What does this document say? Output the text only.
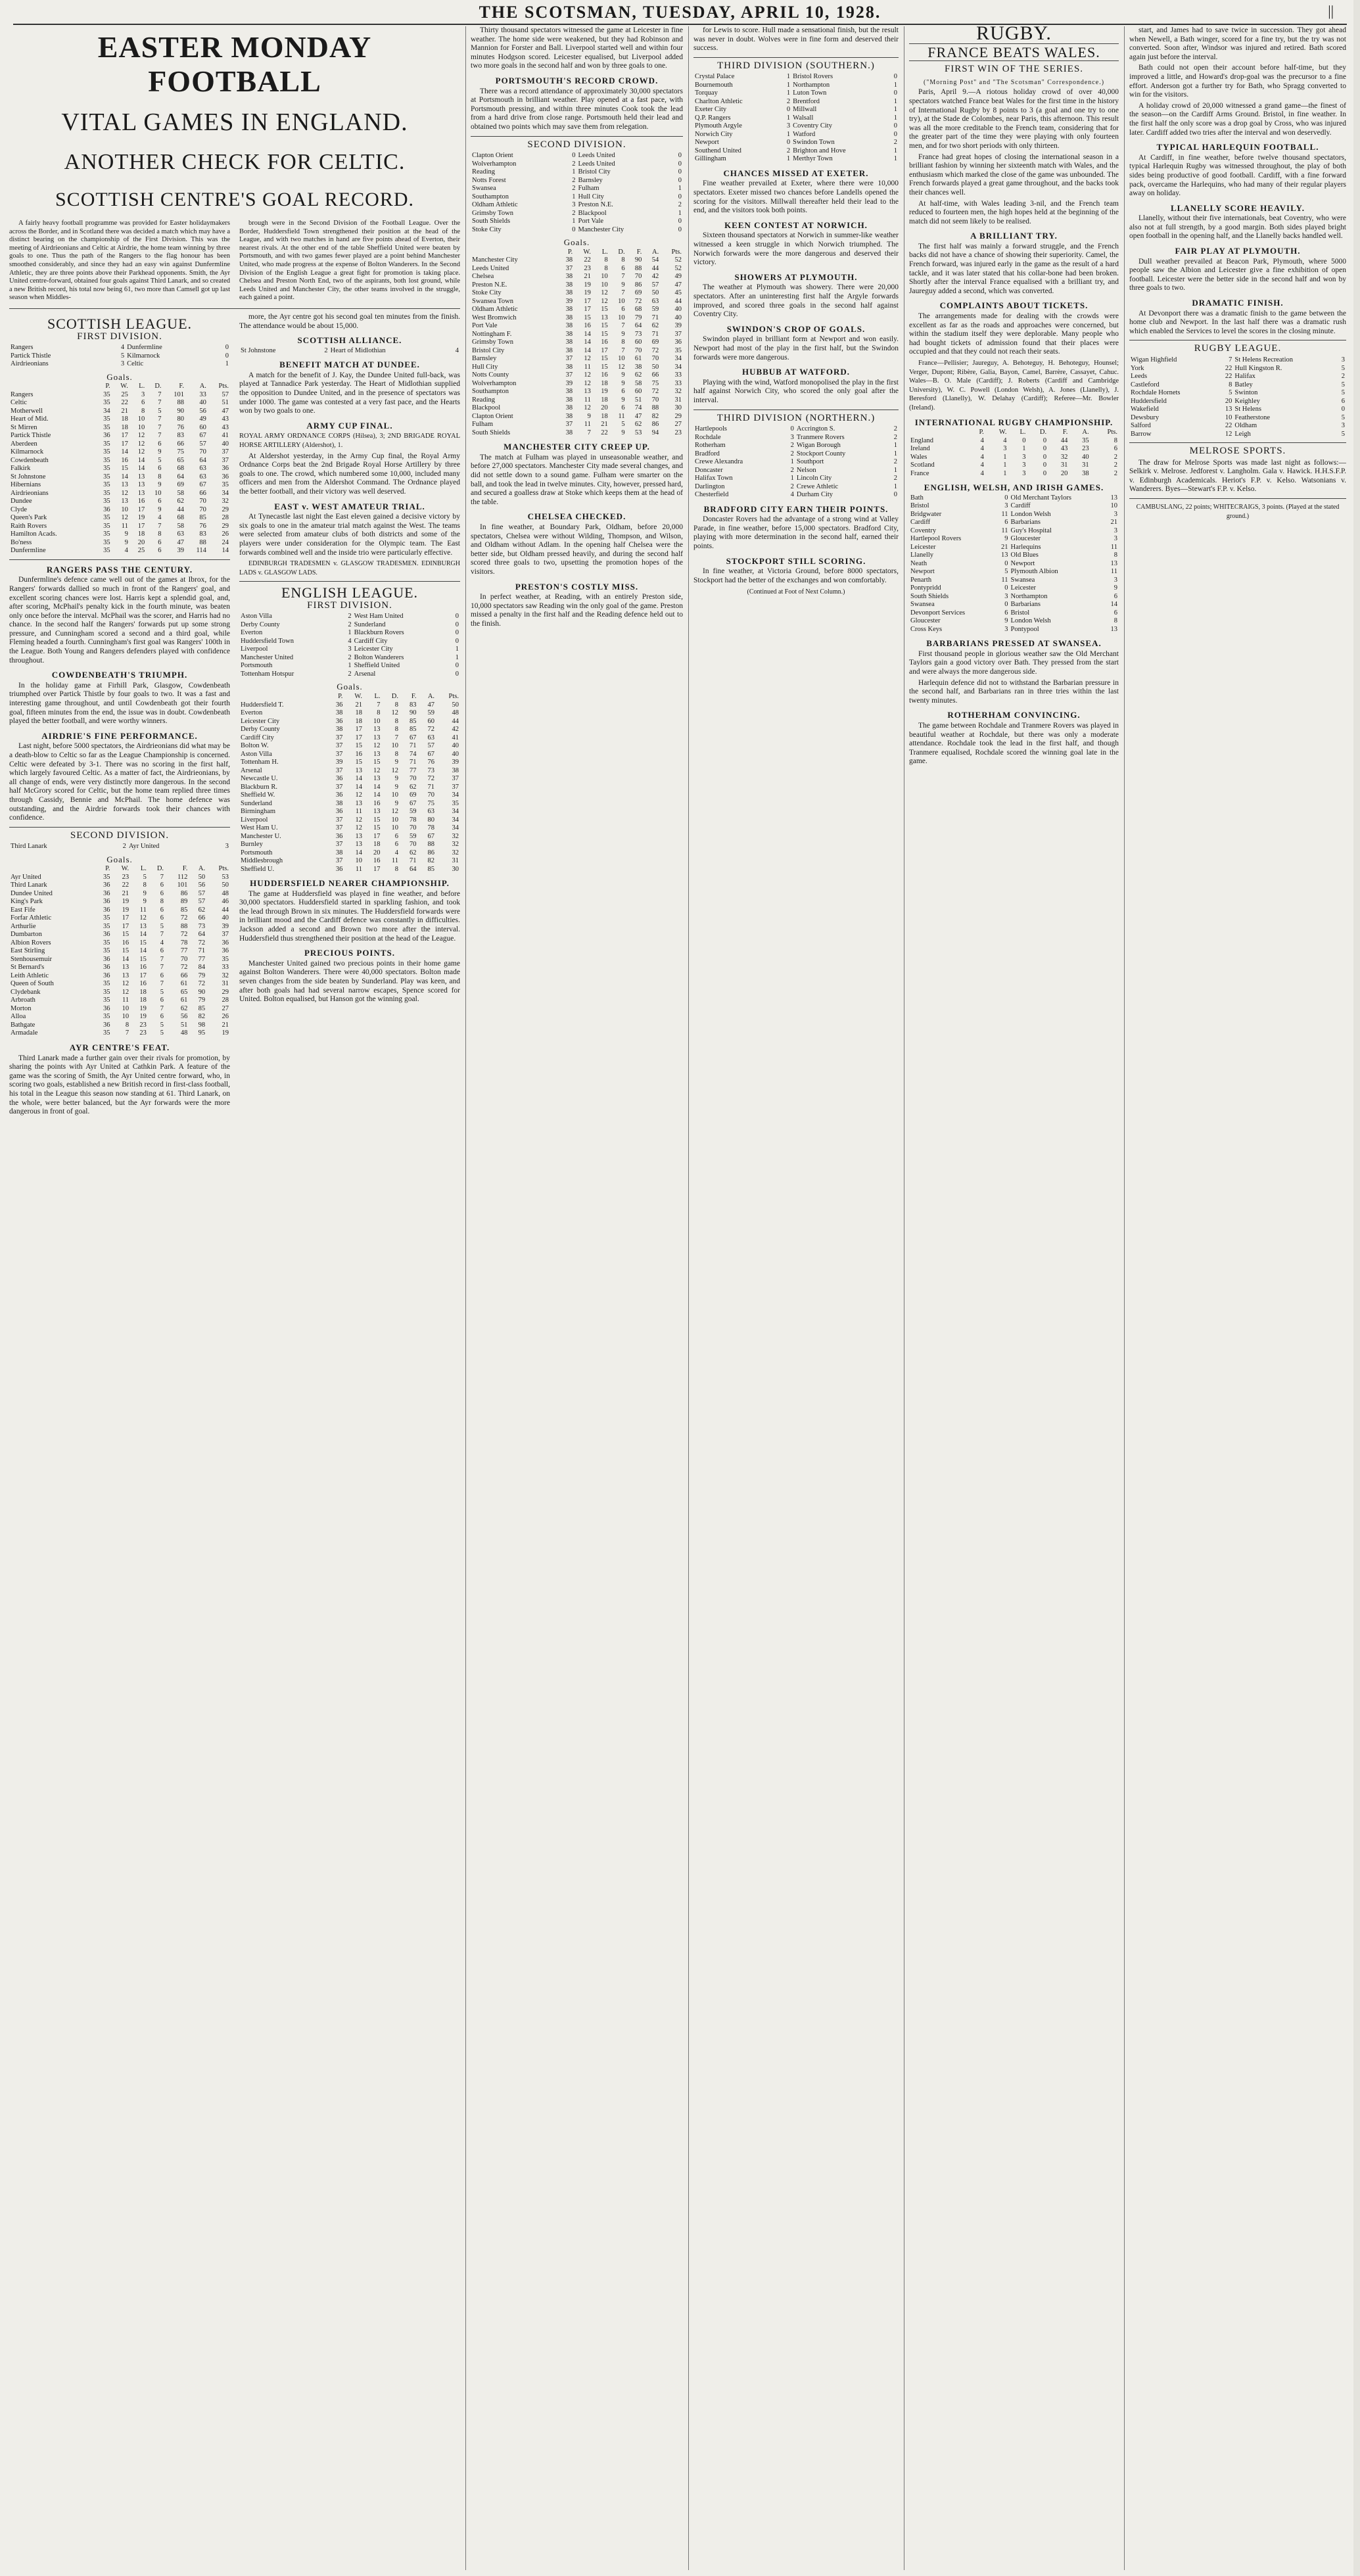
THE SCOTSMAN, TUESDAY, APRIL 10, 1928.	||
EASTER MONDAY FOOTBALL
VITAL GAMES IN ENGLAND.
ANOTHER CHECK FOR CELTIC.
SCOTTISH CENTRE'S GOAL RECORD.

A fairly heavy football programme was provided for Easter holidaymakers across the Border, and in Scotland there was decided a match which may have a distinct bearing on the championship of the First Division. This was the meeting of Airdrieonians and Celtic at Airdrie, the home team winning by three goals to one. Thus the path of the Rangers to the flag honour has been smoothed considerably, and since they had an easy win against Dunfermline Athletic, they are three points above their Parkhead opponents. Smith, the Ayr United centre-forward, obtained four goals against Third Lanark, and so created a new British record, his total now being 61, two more than Camsell got up last season when Middles-

brough were in the Second Division of the Football League. Over the Border, Huddersfield Town strengthened their position at the head of the League, and with two matches in hand are five points ahead of Everton, their nearest rivals. At the other end of the table Sheffield United were beaten by Portsmouth, and with two games fewer played are a point behind Manchester United, who made progress at the expense of Bolton Wanderers. In the Second Division of the English League a great fight for promotion is taking place. Chelsea and Preston North End, two of the aspirants, both lost ground, while Leeds United and Manchester City, the other teams involved in the struggle, each gained a point.

SCOTTISH LEAGUE.
FIRST DIVISION.
Rangers	4	Dunfermline	0
Partick Thistle	5	Kilmarnock	0
Airdrieonians	3	Celtic	1
Goals.
	P.	W.	L.	D.	F.	A.	Pts.
Rangers	35	25	3	7	101	33	57
Celtic	35	22	6	7	88	40	51
Motherwell	34	21	8	5	90	56	47
Heart of Mid.	35	18	10	7	80	49	43
St Mirren	35	18	10	7	76	60	43
Partick Thistle	36	17	12	7	83	67	41
Aberdeen	35	17	12	6	66	57	40
Kilmarnock	35	14	12	9	75	70	37
Cowdenbeath	35	16	14	5	65	64	37
Falkirk	35	15	14	6	68	63	36
St Johnstone	35	14	13	8	64	63	36
Hibernians	35	13	13	9	69	67	35
Airdrieonians	35	12	13	10	58	66	34
Dundee	35	13	16	6	62	70	32
Clyde	36	10	17	9	44	70	29
Queen's Park	35	12	19	4	68	85	28
Raith Rovers	35	11	17	7	58	76	29
Hamilton Acads.	35	9	18	8	63	83	26
Bo'ness	35	9	20	6	47	88	24
Dunfermline	35	4	25	6	39	114	14
RANGERS PASS THE CENTURY.

Dunfermline's defence came well out of the games at Ibrox, for the Rangers' forwards dallied so much in front of the Rangers' goal, and excellent scoring chances were lost. Harris kept a splendid goal, and, after scoring, McPhail's penalty kick in the fourth minute, was beaten only once before the interval. McPhail was the scorer, and Harris had no chance. In the second half the Rangers' forwards put up some strong pressure, and Cunningham scored a second and a third goal, while Fleming headed a fourth. Cunningham's first goal was Rangers' 100th in the League. Both Young and Rangers defenders played with confidence throughout.

COWDENBEATH'S TRIUMPH.

In the holiday game at Firhill Park, Glasgow, Cowdenbeath triumphed over Partick Thistle by four goals to two. It was a fast and interesting game throughout, and until Cowdenbeath got their fourth goal, fifteen minutes from the end, the issue was in doubt. Cowdenbeath played the better football, and were worthy winners.

AIRDRIE'S FINE PERFORMANCE.

Last night, before 5000 spectators, the Airdrieonians did what may be a death-blow to Celtic so far as the League Championship is concerned. Celtic were defeated by 3-1. There was no scoring in the first half, which largely favoured Celtic. As a matter of fact, the Airdrieonians, by all change of ends, were very distinctly more dangerous. In the second half McGrory scored for Celtic, but the home team replied three times through Cassidy, Bennie and McPhail. The home defence was outstanding, and the Airdrie forwards took their chances with confidence.

SECOND DIVISION.
Third Lanark	2	Ayr United	3
Goals.
	P.	W.	L.	D.	F.	A.	Pts.
Ayr United	35	23	5	7	112	50	53
Third Lanark	36	22	8	6	101	56	50
Dundee United	36	21	9	6	86	57	48
King's Park	36	19	9	8	89	57	46
East Fife	36	19	11	6	85	62	44
Forfar Athletic	35	17	12	6	72	66	40
Arthurlie	35	17	13	5	88	73	39
Dumbarton	36	15	14	7	72	64	37
Albion Rovers	35	16	15	4	78	72	36
East Stirling	35	15	14	6	77	71	36
Stenhousemuir	36	14	15	7	70	77	35
St Bernard's	36	13	16	7	72	84	33
Leith Athletic	36	13	17	6	66	79	32
Queen of South	35	12	16	7	61	72	31
Clydebank	35	12	18	5	65	90	29
Arbroath	35	11	18	6	61	79	28
Morton	36	10	19	7	62	85	27
Alloa	35	10	19	6	56	82	26
Bathgate	36	8	23	5	51	98	21
Armadale	35	7	23	5	48	95	19
AYR CENTRE'S FEAT.

Third Lanark made a further gain over their rivals for promotion, by sharing the points with Ayr United at Cathkin Park. A feature of the game was the scoring of Smith, the Ayr United centre forward, who, in scoring two goals, established a new British record in first-class football, his total in the League this season now standing at 61. Third Lanark, on the whole, were better balanced, but the Ayr forwards were the more dangerous in front of goal.

more, the Ayr centre got his second goal ten minutes from the finish. The attendance would be about 15,000.

SCOTTISH ALLIANCE.
St Johnstone	2	Heart of Midlothian	4
BENEFIT MATCH AT DUNDEE.

A match for the benefit of J. Kay, the Dundee United full-back, was played at Tannadice Park yesterday. The Heart of Midlothian supplied the opposition to Dundee United, and in the presence of spectators was under 1000. The game was contested at a very fast pace, and the Hearts won by two goals to one.

ARMY CUP FINAL.

ROYAL ARMY ORDNANCE CORPS (Hilsea), 3; 2ND BRIGADE ROYAL HORSE ARTILLERY (Aldershot), 1.

At Aldershot yesterday, in the Army Cup final, the Royal Army Ordnance Corps beat the 2nd Brigade Royal Horse Artillery by three goals to one. The crowd, which numbered some 10,000, included many officers and men from the Aldershot Command. The Ordnance played the better football, and their victory was well deserved.

EAST v. WEST AMATEUR TRIAL.

At Tynecastle last night the East eleven gained a decisive victory by six goals to one in the amateur trial match against the West. The teams were selected from amateur clubs of both districts and some of the players were under consideration for the Olympic team. The East forwards combined well and the inside trio were particularly effective.

EDINBURGH TRADESMEN v. GLASGOW TRADESMEN. EDINBURGH LADS v. GLASGOW LADS.

ENGLISH LEAGUE.
FIRST DIVISION.
Aston Villa	2	West Ham United	0
Derby County	2	Sunderland	0
Everton	1	Blackburn Rovers	0
Huddersfield Town	4	Cardiff City	0
Liverpool	3	Leicester City	1
Manchester United	2	Bolton Wanderers	1
Portsmouth	1	Sheffield United	0
Tottenham Hotspur	2	Arsenal	0
Goals.
	P.	W.	L.	D.	F.	A.	Pts.
Huddersfield T.	36	21	7	8	83	47	50
Everton	38	18	8	12	90	59	48
Leicester City	36	18	10	8	85	60	44
Derby County	38	17	13	8	85	72	42
Cardiff City	37	17	13	7	67	63	41
Bolton W.	37	15	12	10	71	57	40
Aston Villa	37	16	13	8	74	67	40
Tottenham H.	39	15	15	9	71	76	39
Arsenal	37	13	12	12	77	73	38
Newcastle U.	36	14	13	9	70	72	37
Blackburn R.	37	14	14	9	62	71	37
Sheffield W.	36	12	14	10	69	70	34
Sunderland	38	13	16	9	67	75	35
Birmingham	36	11	13	12	59	63	34
Liverpool	37	12	15	10	78	80	34
West Ham U.	37	12	15	10	70	78	34
Manchester U.	36	13	17	6	59	67	32
Burnley	37	13	18	6	70	88	32
Portsmouth	38	14	20	4	62	86	32
Middlesbrough	37	10	16	11	71	82	31
Sheffield U.	36	11	17	8	64	85	30
HUDDERSFIELD NEARER CHAMPIONSHIP.

The game at Huddersfield was played in fine weather, and before 30,000 spectators. Huddersfield started in sparkling fashion, and took the lead through Brown in six minutes. The Huddersfield forwards were in brilliant mood and the Cardiff defence was constantly in difficulties. Jackson added a second and Brown two more after the interval. Huddersfield thus strengthened their position at the head of the League.

PRECIOUS POINTS.

Manchester United gained two precious points in their home game against Bolton Wanderers. There were 40,000 spectators. Bolton made seven changes from the side beaten by Sunderland. Play was keen, and after both goals had had several narrow escapes, Spence scored for United. Bolton equalised, but Hanson got the winning goal.

Thirty thousand spectators witnessed the game at Leicester in fine weather. The home side were weakened, but they had Robinson and Mannion for Forster and Ball. Liverpool started well and within four minutes Hodgson scored. Leicester equalised, but Liverpool added two more goals in the second half and won by three goals to one.

PORTSMOUTH'S RECORD CROWD.

There was a record attendance of approximately 30,000 spectators at Portsmouth in brilliant weather. Play opened at a fast pace, with Portsmouth pressing, and within three minutes Cook took the lead from a hard drive from close range. Portsmouth held their lead and obtained two points which may save them from relegation.

SECOND DIVISION.
Clapton Orient	0	Leeds United	0
Wolverhampton	2	Leeds United	0
Reading	1	Bristol City	0
Notts Forest	2	Barnsley	0
Swansea	2	Fulham	1
Southampton	1	Hull City	0
Oldham Athletic	3	Preston N.E.	2
Grimsby Town	2	Blackpool	1
South Shields	1	Port Vale	0
Stoke City	0	Manchester City	0
Goals.
	P.	W.	L.	D.	F.	A.	Pts.
Manchester City	38	22	8	8	90	54	52
Leeds United	37	23	8	6	88	44	52
Chelsea	38	21	10	7	70	42	49
Preston N.E.	38	19	10	9	86	57	47
Stoke City	38	19	12	7	69	50	45
Swansea Town	39	17	12	10	72	63	44
Oldham Athletic	38	17	15	6	68	59	40
West Bromwich	38	15	13	10	79	71	40
Port Vale	38	16	15	7	64	62	39
Nottingham F.	38	14	15	9	73	71	37
Grimsby Town	38	14	16	8	60	69	36
Bristol City	38	14	17	7	70	72	35
Barnsley	37	12	15	10	61	70	34
Hull City	38	11	15	12	38	50	34
Notts County	37	12	16	9	62	66	33
Wolverhampton	39	12	18	9	58	75	33
Southampton	38	13	19	6	60	72	32
Reading	38	11	18	9	51	70	31
Blackpool	38	12	20	6	74	88	30
Clapton Orient	38	9	18	11	47	82	29
Fulham	37	11	21	5	62	86	27
South Shields	38	7	22	9	53	94	23
MANCHESTER CITY CREEP UP.

The match at Fulham was played in unseasonable weather, and before 27,000 spectators. Manchester City made several changes, and did not settle down to a sound game. Fulham were smarter on the ball, and took the lead in twelve minutes. City, however, pressed hard, and secured a goalless draw at Stoke which keeps them at the head of the table.

CHELSEA CHECKED.

In fine weather, at Boundary Park, Oldham, before 20,000 spectators, Chelsea were without Wilding, Thompson, and Wilson, and Oldham without Adlam. In the opening half Chelsea were the better side, but Oldham pressed heavily, and during the second half scored three goals to two, upsetting the promotion hopes of the visitors.

PRESTON'S COSTLY MISS.

In perfect weather, at Reading, with an entirely Preston side, 10,000 spectators saw Reading win the only goal of the game. Preston missed a penalty in the first half and the Reading defence held out to the finish.

for Lewis to score. Hull made a sensational finish, but the result was never in doubt. Wolves were in fine form and deserved their success.

THIRD DIVISION (SOUTHERN.)
Crystal Palace	1	Bristol Rovers	0
Bournemouth	1	Northampton	1
Torquay	1	Luton Town	0
Charlton Athletic	2	Brentford	1
Exeter City	0	Millwall	1
Q.P. Rangers	1	Walsall	1
Plymouth Argyle	3	Coventry City	0
Norwich City	1	Watford	0
Newport	0	Swindon Town	2
Southend United	2	Brighton and Hove	1
Gillingham	1	Merthyr Town	1
CHANCES MISSED AT EXETER.

Fine weather prevailed at Exeter, where there were 10,000 spectators. Exeter missed two chances before Landells opened the scoring for the visitors. Millwall thereafter held their lead to the end, and the visitors took both points.

KEEN CONTEST AT NORWICH.

Sixteen thousand spectators at Norwich in summer-like weather witnessed a keen struggle in which Norwich triumphed. The Norwich forwards were the more dangerous and deserved their victory.

SHOWERS AT PLYMOUTH.

The weather at Plymouth was showery. There were 20,000 spectators. After an uninteresting first half the Argyle forwards improved, and scored three goals in the second half against Coventry City.

SWINDON'S CROP OF GOALS.

Swindon played in brilliant form at Newport and won easily. Newport had most of the play in the first half, but the Swindon forwards were more dangerous.

HUBBUB AT WATFORD.

Playing with the wind, Watford monopolised the play in the first half against Norwich City, who scored the only goal after the interval.

THIRD DIVISION (NORTHERN.)
Hartlepools	0	Accrington S.	2
Rochdale	3	Tranmere Rovers	2
Rotherham	2	Wigan Borough	1
Bradford	2	Stockport County	1
Crewe Alexandra	1	Southport	2
Doncaster	2	Nelson	1
Halifax Town	1	Lincoln City	2
Darlington	2	Crewe Athletic	1
Chesterfield	4	Durham City	0
BRADFORD CITY EARN THEIR POINTS.

Doncaster Rovers had the advantage of a strong wind at Valley Parade, in fine weather, before 15,000 spectators. Bradford City, playing with more determination in the second half, earned their points.

STOCKPORT STILL SCORING.

In fine weather, at Victoria Ground, before 8000 spectators, Stockport had the better of the exchanges and won comfortably.

(Continued at Foot of Next Column.)
RUGBY.
FRANCE BEATS WALES.
FIRST WIN OF THE SERIES.
("Morning Post" and "The Scotsman" Correspondence.)

Paris, April 9.—A riotous holiday crowd of over 40,000 spectators watched France beat Wales for the first time in the history of International Rugby by 8 points to 3 (a goal and one try to one try), at the Stade de Colombes, near Paris, this afternoon. This result was all the more creditable to the French team, considering that for the greater part of the time they were playing with only fourteen men, and for two short periods with only thirteen.

France had great hopes of closing the international season in a brilliant fashion by winning her sixteenth match with Wales, and the enthusiasm which marked the close of the game was unbounded. The French forwards played a great game throughout, and the backs took their chances well.

At half-time, with Wales leading 3-nil, and the French team reduced to fourteen men, the high hopes held at the beginning of the match did not seem likely to be realised.

A BRILLIANT TRY.

The first half was mainly a forward struggle, and the French backs did not have a chance of showing their superiority. Camel, the French forward, was injured early in the game as the result of a hard tackle, and it was later stated that his collar-bone had been broken. Shortly after the interval France equalised with a brilliant try, and Jaureguy added a second, which was converted.

COMPLAINTS ABOUT TICKETS.

The arrangements made for dealing with the crowds were excellent as far as the roads and approaches were concerned, but within the stadium itself they were deplorable. Many people who had bought tickets of admission found that their places were occupied and that they could not reach their seats.

France—Pellisier; Jaureguy, A. Behoteguy, H. Behoteguy, Hounsel; Verger, Dupont; Ribère, Galia, Bayon, Camel, Barrère, Cassayet, Cahuc. Wales—B. O. Male (Cardiff); J. Roberts (Cardiff and Cambridge University), W. C. Powell (London Welsh), A. Jones (Llanelly), J. Beresford (Llanelly), W. Delahay (Cardiff); Referee—Mr. Bowler (Ireland).

INTERNATIONAL RUGBY CHAMPIONSHIP.
	P.	W.	L.	D.	F.	A.	Pts.
England	4	4	0	0	44	35	8
Ireland	4	3	1	0	43	23	6
Wales	4	1	3	0	32	40	2
Scotland	4	1	3	0	31	31	2
France	4	1	3	0	20	38	2
ENGLISH, WELSH, AND IRISH GAMES.
Bath	0	Old Merchant Taylors	13
Bristol	3	Cardiff	10
Bridgwater	11	London Welsh	3
Cardiff	6	Barbarians	21
Coventry	11	Guy's Hospital	3
Hartlepool Rovers	9	Gloucester	3
Leicester	21	Harlequins	11
Llanelly	13	Old Blues	8
Neath	0	Newport	13
Newport	5	Plymouth Albion	11
Penarth	11	Swansea	3
Pontypridd	0	Leicester	9
South Shields	3	Northampton	6
Swansea	0	Barbarians	14
Devonport Services	6	Bristol	6
Gloucester	9	London Welsh	8
Cross Keys	3	Pontypool	13
BARBARIANS PRESSED AT SWANSEA.

First thousand people in glorious weather saw the Old Merchant Taylors gain a good victory over Bath. They pressed from the start and were always the more dangerous side.

Harlequin defence did not to withstand the Barbarian pressure in the second half, and Barbarians ran in three tries within the last twenty minutes.

ROTHERHAM CONVINCING.

The game between Rochdale and Tranmere Rovers was played in beautiful weather at Rochdale, but there was only a moderate attendance. Rochdale took the lead in the first half, and though Tranmere equalised, Rochdale scored the winning goal late in the game.

start, and James had to save twice in succession. They got ahead when Newell, a Bath winger, scored for a fine try, but the try was not converted. Soon after, Windsor was injured and retired. Bath scored again just before the interval.

Bath could not open their account before half-time, but they improved a little, and Howard's drop-goal was the precursor to a fine effort. Anderson got a further try for Bath, who Spragg converted to win for the visitors.

A holiday crowd of 20,000 witnessed a grand game—the finest of the season—on the Cardiff Arms Ground. Bristol, in fine weather. In the first half the only score was a drop goal by Cross, who was injured later. Cardiff added two tries after the interval and won deservedly.

TYPICAL HARLEQUIN FOOTBALL.

At Cardiff, in fine weather, before twelve thousand spectators, typical Harlequin Rugby was witnessed throughout, the play of both sides being productive of good football. Cardiff, with a fine forward pack, overcame the Harlequins, who had many of their regular players away on holiday.

LLANELLY SCORE HEAVILY.

Llanelly, without their five internationals, beat Coventry, who were also not at full strength, by a good margin. Both sides played bright open football in the opening half, and the Llanelly backs handled well.

FAIR PLAY AT PLYMOUTH.

Dull weather prevailed at Beacon Park, Plymouth, where 5000 people saw the Albion and Leicester give a fine exhibition of open football. Leicester were the better side in the second half and won by three goals to two.

DRAMATIC FINISH.

At Devonport there was a dramatic finish to the game between the home club and Newport. In the last half there was a dramatic rush which enabled the Services to level the scores in the closing minute.

RUGBY LEAGUE.
Wigan Highfield	7	St Helens Recreation	3
York	22	Hull Kingston R.	5
Leeds	22	Halifax	2
Castleford	8	Batley	5
Rochdale Hornets	5	Swinton	5
Huddersfield	20	Keighley	6
Wakefield	13	St Helens	0
Dewsbury	10	Featherstone	5
Salford	22	Oldham	3
Barrow	12	Leigh	5
MELROSE SPORTS.

The draw for Melrose Sports was made last night as follows:— Selkirk v. Melrose. Jedforest v. Langholm. Gala v. Hawick. H.H.S.F.P. v. Edinburgh Academicals. Heriot's F.P. v. Kelso. Watsonians v. Wanderers. Byes—Stewart's F.P. v. Kelso.

CAMBUSLANG, 22 points; WHITECRAIGS, 3 points. (Played at the stated ground.)
